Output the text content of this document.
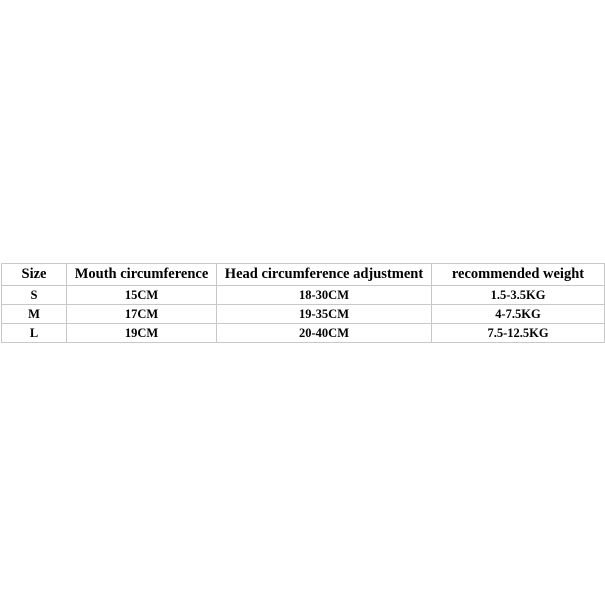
Size	Mouth circumference	Head circumference adjustment	recommended weight
S	15CM	18-30CM	1.5-3.5KG
M	17CM	19-35CM	4-7.5KG
L	19CM	20-40CM	7.5-12.5KG
